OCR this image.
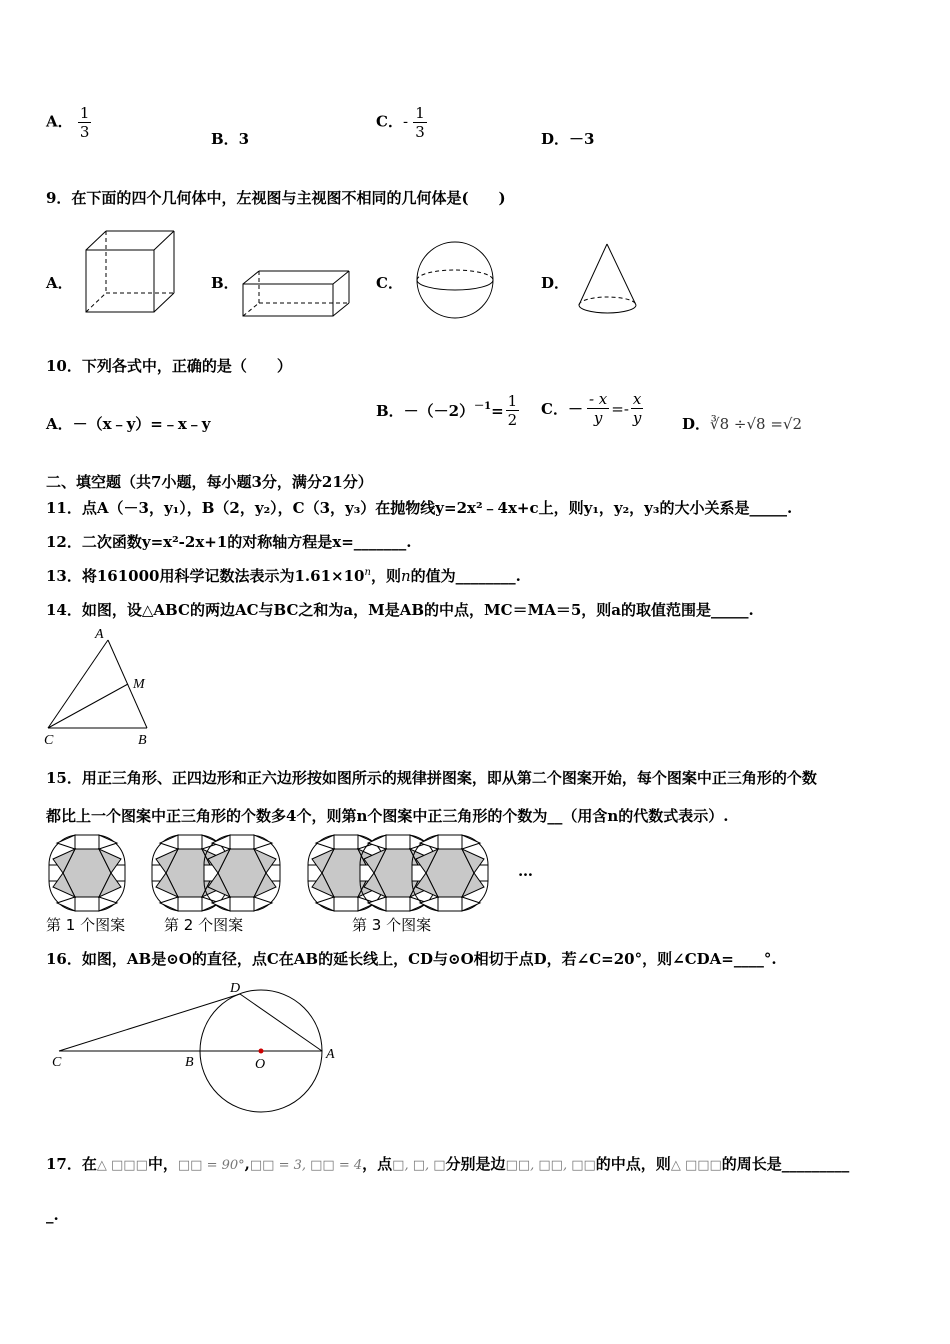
A． $\frac{1}{3}$	B．3
C．- $\frac{1}{3}$	D．－3
9．在下面的四个几何体中，左视图与主视图不相同的几何体是(　　)
A．	B．	C．	D．
10．下列各式中，正确的是（　　）
A．－（x﹣y）=﹣x﹣y
B．$-(-2)^{-1} = \frac{1}{2}$ C．－ $\frac{- x}{y} =- \frac{x}{y}$	D．∛8 ÷√8 =√2
二、填空题（共7小题，每小题3分，满分21分）
11．点A（－3，y₁），B（2，y₂），C（3，y₃）在抛物线y=2x²﹣4x+c上，则y₁，y₂，y₃的大小关系是_____.
12．二次函数y=x²-2x+1的对称轴方程是x=_______.
13．将161000用科学记数法表示为$1.61\times 10^n$，则n的值为________.
14．如图，设△ABC的两边AC与BC之和为a，M是AB的中点，MC＝MA＝5，则a的取值范围是_____.
A
M
C	B
15．用正三角形、正四边形和正六边形按如图所示的规律拼图案，即从第二个图案开始，每个图案中正三角形的个数
都比上一个图案中正三角形的个数多4个，则第n个图案中正三角形的个数为__（用含n的代数式表示）.
…
第 1 个图案	第 2 个图案	第 3 个图案
16．如图，AB是⊙O的直径，点C在AB的延长线上，CD与⊙O相切于点D，若∠C=20°，则∠CDA=____°.
D
C	B	O
A
17．在△ □□□中，□□ = 90°,□□ = 3, □□ = 4，点□, □, □分别是边□□, □□, □□的中点，则△ □□□的周长是_________
_.
